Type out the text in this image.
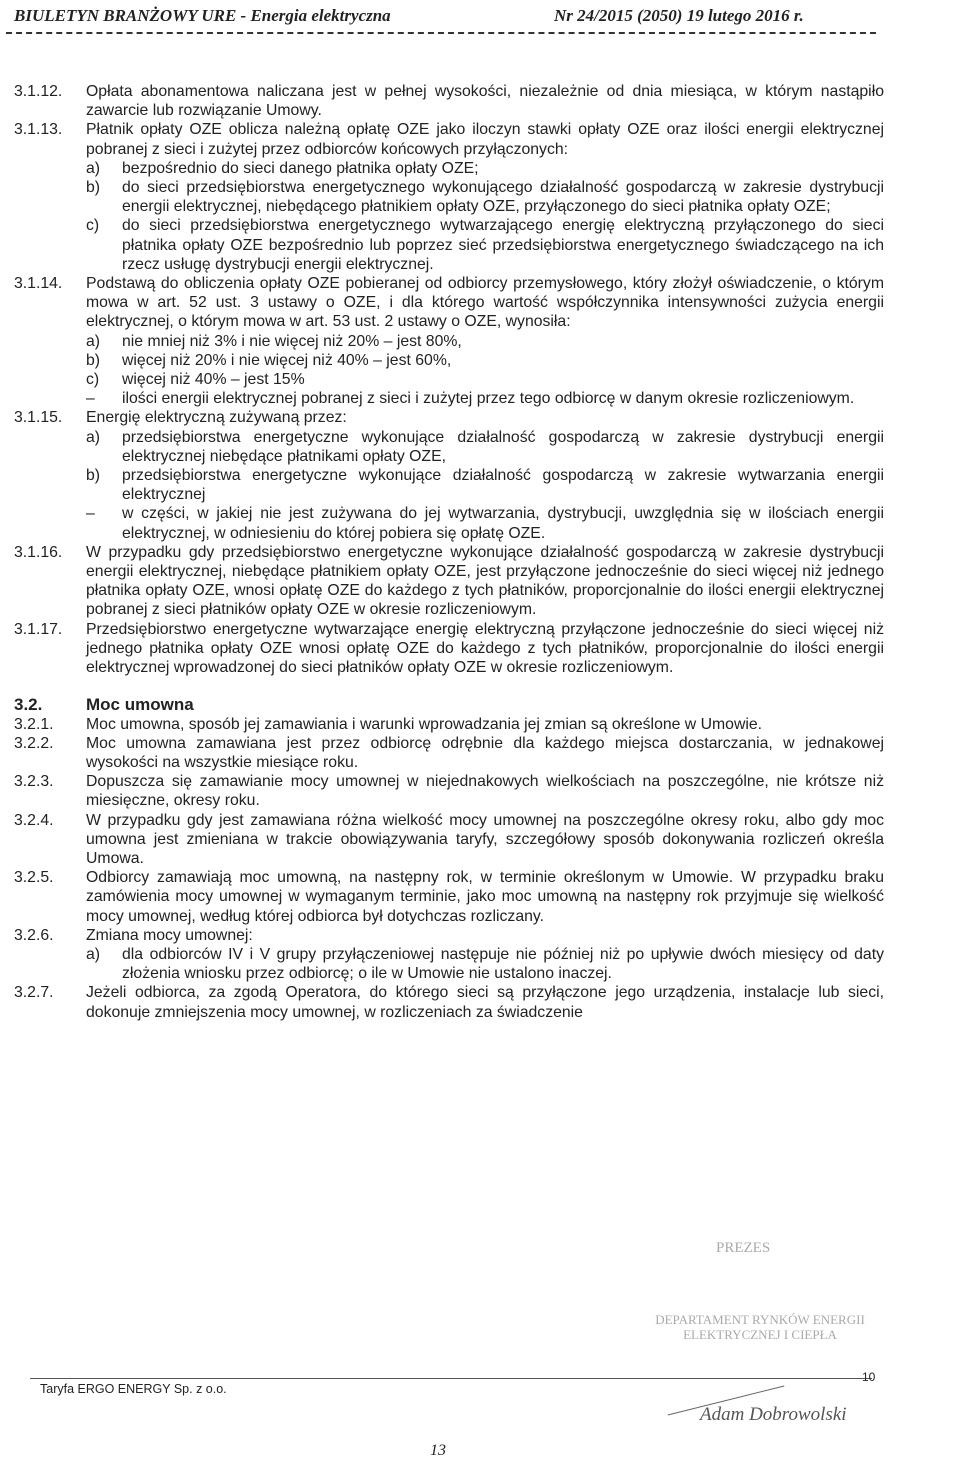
BIULETYN BRANŻOWY URE - Energia elektryczna	Nr 24/2015 (2050) 19 lutego 2016 r.
3.1.12.	Opłata abonamentowa naliczana jest w pełnej wysokości, niezależnie od dnia miesiąca, w którym nastąpiło zawarcie lub rozwiązanie Umowy.
3.1.13.	Płatnik opłaty OZE oblicza należną opłatę OZE jako iloczyn stawki opłaty OZE oraz ilości energii elektrycznej pobranej z sieci i zużytej przez odbiorców końcowych przyłączonych:
a)	bezpośrednio do sieci danego płatnika opłaty OZE;
b)	do sieci przedsiębiorstwa energetycznego wykonującego działalność gospodarczą w zakresie dystrybucji energii elektrycznej, niebędącego płatnikiem opłaty OZE, przyłączonego do sieci płatnika opłaty OZE;
c)	do sieci przedsiębiorstwa energetycznego wytwarzającego energię elektryczną przyłączonego do sieci płatnika opłaty OZE bezpośrednio lub poprzez sieć przedsiębiorstwa energetycznego świadczącego na ich rzecz usługę dystrybucji energii elektrycznej.
3.1.14.	Podstawą do obliczenia opłaty OZE pobieranej od odbiorcy przemysłowego, który złożył oświadczenie, o którym mowa w art. 52 ust. 3 ustawy o OZE, i dla którego wartość współczynnika intensywności zużycia energii elektrycznej, o którym mowa w art. 53 ust. 2 ustawy o OZE, wynosiła:
a)	nie mniej niż 3% i nie więcej niż 20% – jest 80%,
b)	więcej niż 20% i nie więcej niż 40% – jest 60%,
c)	więcej niż 40% – jest 15%
–	ilości energii elektrycznej pobranej z sieci i zużytej przez tego odbiorcę w danym okresie rozliczeniowym.
3.1.15.	Energię elektryczną zużywaną przez:
a)	przedsiębiorstwa energetyczne wykonujące działalność gospodarczą w zakresie dystrybucji energii elektrycznej niebędące płatnikami opłaty OZE,
b)	przedsiębiorstwa energetyczne wykonujące działalność gospodarczą w zakresie wytwarzania energii elektrycznej
–	w części, w jakiej nie jest zużywana do jej wytwarzania, dystrybucji, uwzględnia się w ilościach energii elektrycznej, w odniesieniu do której pobiera się opłatę OZE.
3.1.16.	W przypadku gdy przedsiębiorstwo energetyczne wykonujące działalność gospodarczą w zakresie dystrybucji energii elektrycznej, niebędące płatnikiem opłaty OZE, jest przyłączone jednocześnie do sieci więcej niż jednego płatnika opłaty OZE, wnosi opłatę OZE do każdego z tych płatników, proporcjonalnie do ilości energii elektrycznej pobranej z sieci płatników opłaty OZE w okresie rozliczeniowym.
3.1.17.	Przedsiębiorstwo energetyczne wytwarzające energię elektryczną przyłączone jednocześnie do sieci więcej niż jednego płatnika opłaty OZE wnosi opłatę OZE do każdego z tych płatników, proporcjonalnie do ilości energii elektrycznej wprowadzonej do sieci płatników opłaty OZE w okresie rozliczeniowym.
3.2.	Moc umowna
3.2.1.	Moc umowna, sposób jej zamawiania i warunki wprowadzania jej zmian są określone w Umowie.
3.2.2.	Moc umowna zamawiana jest przez odbiorcę odrębnie dla każdego miejsca dostarczania, w jednakowej wysokości na wszystkie miesiące roku.
3.2.3.	Dopuszcza się zamawianie mocy umownej w niejednakowych wielkościach na poszczególne, nie krótsze niż miesięczne, okresy roku.
3.2.4.	W przypadku gdy jest zamawiana różna wielkość mocy umownej na poszczególne okresy roku, albo gdy moc umowna jest zmieniana w trakcie obowiązywania taryfy, szczegółowy sposób dokonywania rozliczeń określa Umowa.
3.2.5.	Odbiorcy zamawiają moc umowną, na następny rok, w terminie określonym w Umowie. W przypadku braku zamówienia mocy umownej w wymaganym terminie, jako moc umowną na następny rok przyjmuje się wielkość mocy umownej, według której odbiorca był dotychczas rozliczany.
3.2.6.	Zmiana mocy umownej:
a)	dla odbiorców IV i V grupy przyłączeniowej następuje nie później niż po upływie dwóch miesięcy od daty złożenia wniosku przez odbiorcę; o ile w Umowie nie ustalono inaczej.
3.2.7.	Jeżeli odbiorca, za zgodą Operatora, do którego sieci są przyłączone jego urządzenia, instalacje lub sieci, dokonuje zmniejszenia mocy umownej, w rozliczeniach za świadczenie
PREZES
DEPARTAMENT RYNKÓW ENERGII ELEKTRYCZNEJ I CIEPŁA
Taryfa ERGO ENERGY Sp. z o.o.
10
Adam Dobrowolski
13
